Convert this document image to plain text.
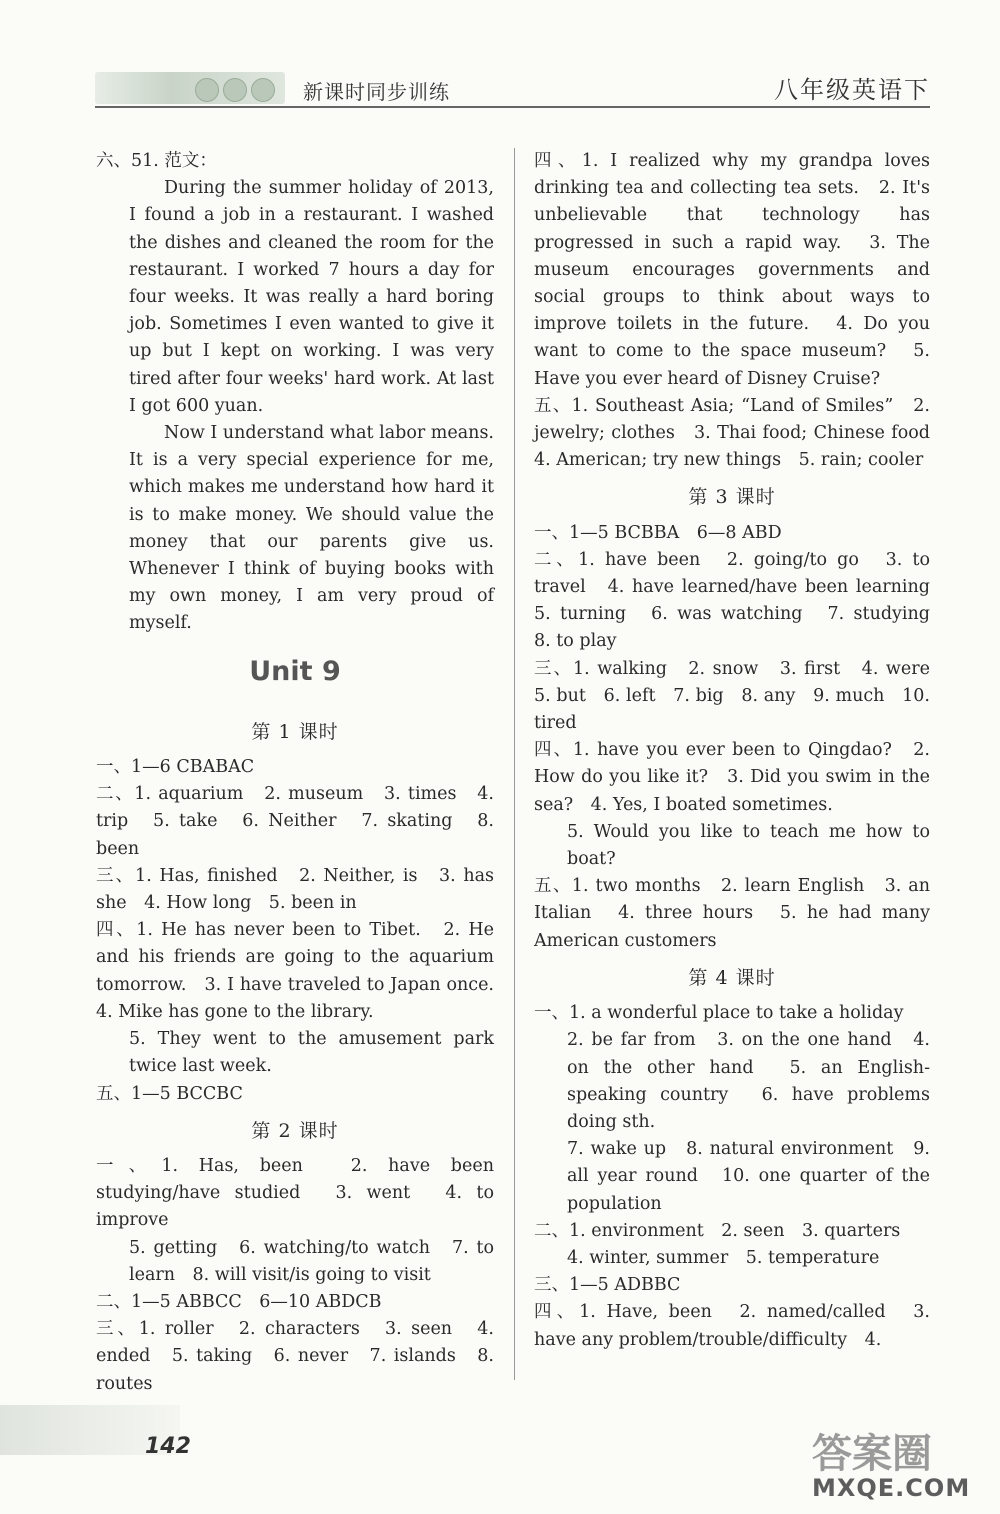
新课时同步训练	八年级英语下

六、51. 范文：

During the summer holiday of 2013, I found a job in a restaurant. I washed the dishes and cleaned the room for the restaurant. I worked 7 hours a day for four weeks. It was really a hard boring job. Sometimes I even wanted to give it up but I kept on working. I was very tired after four weeks' hard work. At last I got 600 yuan.

Now I understand what labor means. It is a very special experience for me, which makes me understand how hard it is to make money. We should value the money that our parents give us. Whenever I think of buying books with my own money, I am very proud of myself.

Unit 9
第 1 课时

一、1—6 CBABAC

二、1. aquarium　2. museum　3. times　4. trip　5. take　6. Neither　7. skating　8. been

三、1. Has, finished　2. Neither, is　3. has she　4. How long　5. been in

四、1. He has never been to Tibet.　2. He and his friends are going to the aquarium tomorrow.　3. I have traveled to Japan once.　4. Mike has gone to the library.

5. They went to the amusement park twice last week.

五、1—5 BCCBC

第 2 课时

一、1. Has, been　2. have been studying/have studied　3. went　4. to improve

5. getting　6. watching/to watch　7. to learn　8. will visit/is going to visit

二、1—5 ABBCC　6—10 ABDCB

三、1. roller　2. characters　3. seen　4. ended　5. taking　6. never　7. islands　8. routes

四、1. I realized why my grandpa loves drinking tea and collecting tea sets.　2. It's unbelievable that technology has progressed in such a rapid way.　3. The museum encourages governments and social groups to think about ways to improve toilets in the future.　4. Do you want to come to the space museum?　5. Have you ever heard of Disney Cruise?

五、1. Southeast Asia; “Land of Smiles”　2. jewelry; clothes　3. Thai food; Chinese food　4. American; try new things　5. rain; cooler

第 3 课时

一、1—5 BCBBA　6—8 ABD

二、1. have been　2. going/to go　3. to travel　4. have learned/have been learning　5. turning　6. was watching　7. studying　8. to play

三、1. walking　2. snow　3. first　4. were　5. but　6. left　7. big　8. any　9. much　10. tired

四、1. have you ever been to Qingdao?　2. How do you like it?　3. Did you swim in the sea?　4. Yes, I boated sometimes.

5. Would you like to teach me how to boat?

五、1. two months　2. learn English　3. an Italian　4. three hours　5. he had many American customers

第 4 课时

一、1. a wonderful place to take a holiday

2. be far from　3. on the one hand　4. on the other hand　5. an English-speaking country　6. have problems doing sth.

7. wake up　8. natural environment　9. all year round　10. one quarter of the population

二、1. environment　2. seen　3. quarters

4. winter, summer　5. temperature

三、1—5 ADBBC

四、1. Have, been　2. named/called　3. have any problem/trouble/difficulty　4.

142	答案圈
MXQE.COM
